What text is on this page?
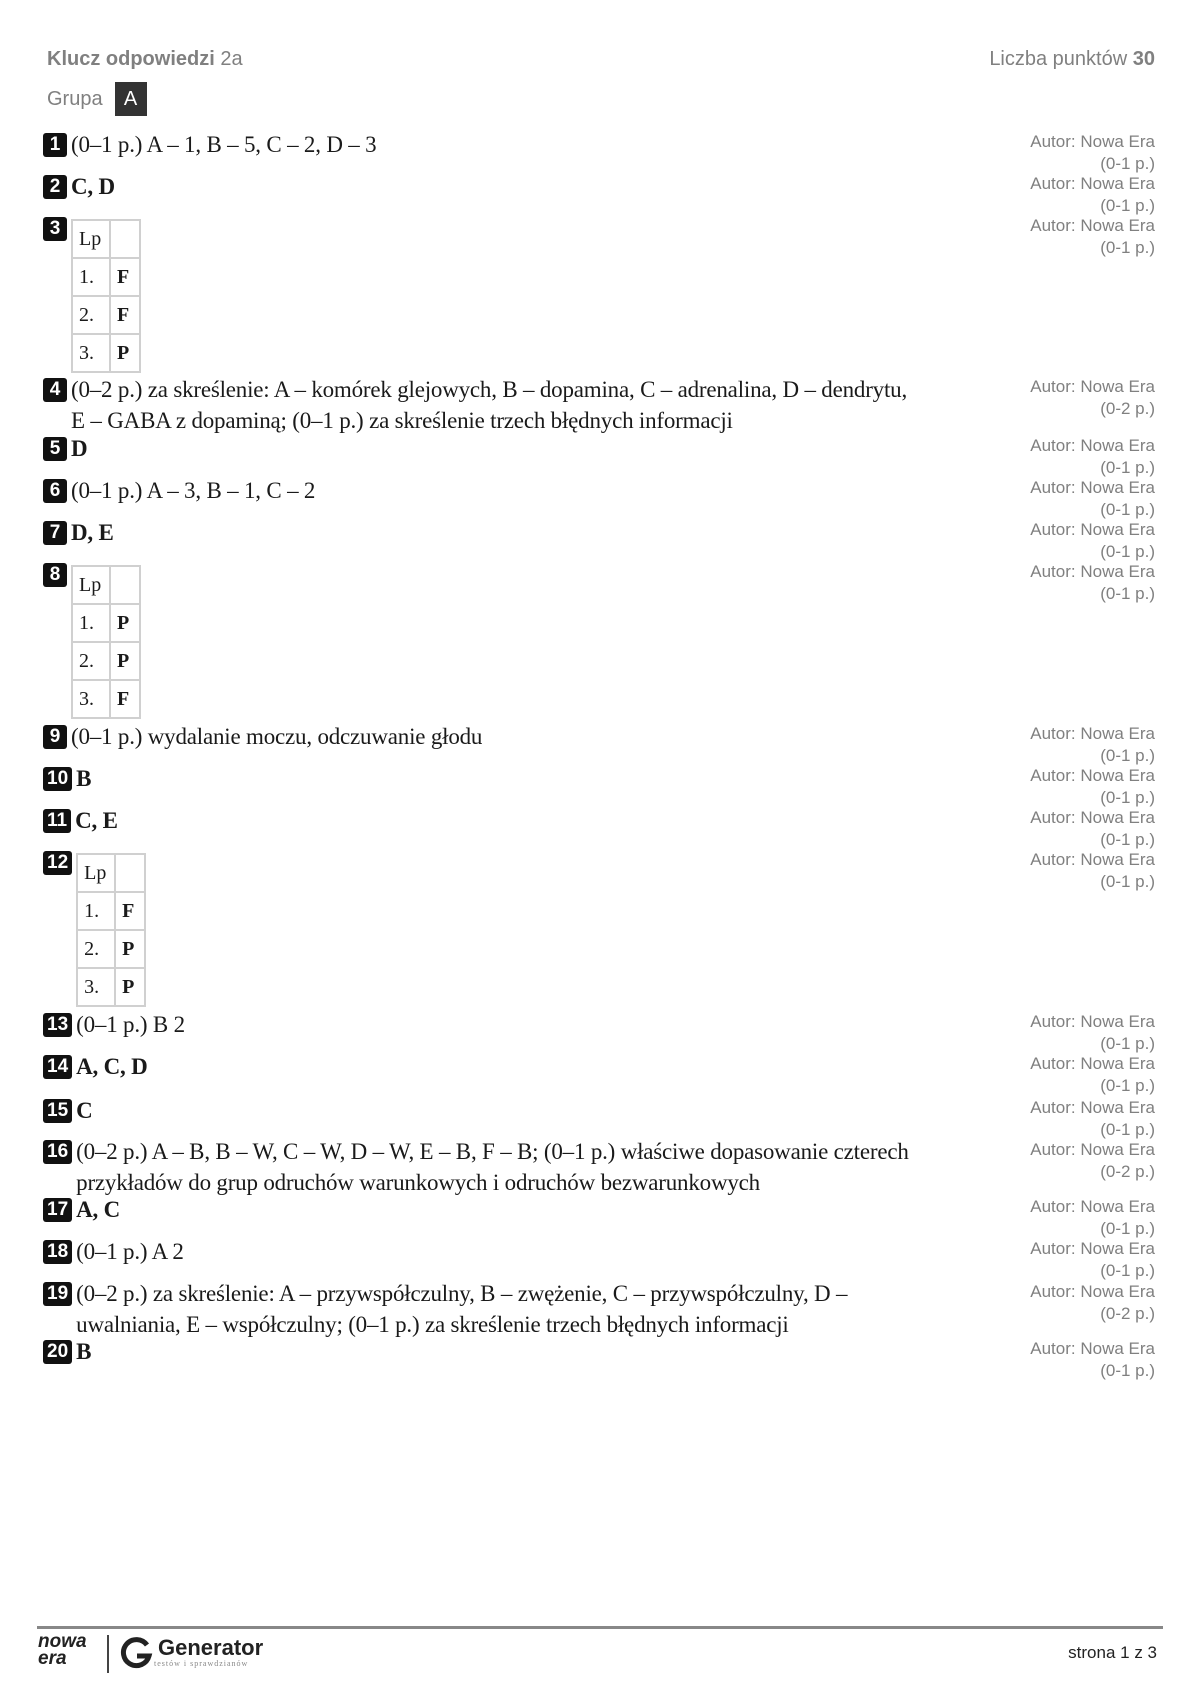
Klucz odpowiedzi 2a	Liczba punktów 30
Grupa	A
1 (0–1 p.) A – 1, B – 5, C – 2, D – 3	Autor: Nowa Era
(0-1 p.)
2 C, D	Autor: Nowa Era
(0-1 p.)
3 Lp	
1.	F
2.	F
3.	P
Autor: Nowa Era
(0-1 p.)
4 (0–2 p.) za skreślenie: A – komórek glejowych, B – dopamina, C – adrenalina, D – dendrytu, E – GABA z dopaminą; (0–1 p.) za skreślenie trzech błędnych informacji
Autor: Nowa Era
(0-2 p.)
5 D	Autor: Nowa Era
(0-1 p.)
6 (0–1 p.) A – 3, B – 1, C – 2	Autor: Nowa Era
(0-1 p.)
7 D, E	Autor: Nowa Era
(0-1 p.)
8 Lp	
1.	P
2.	P
3.	F
Autor: Nowa Era
(0-1 p.)
9 (0–1 p.) wydalanie moczu, odczuwanie głodu	Autor: Nowa Era
(0-1 p.)
10 B	Autor: Nowa Era
(0-1 p.)
11 C, E	Autor: Nowa Era
(0-1 p.)
12 Lp	
1.	F
2.	P
3.	P
Autor: Nowa Era
(0-1 p.)
13 (0–1 p.) B 2	Autor: Nowa Era
(0-1 p.)
14 A, C, D	Autor: Nowa Era
(0-1 p.)
15 C	Autor: Nowa Era
(0-1 p.)
16 (0–2 p.) A – B, B – W, C – W, D – W, E – B, F – B; (0–1 p.) właściwe dopasowanie czterech przykładów do grup odruchów warunkowych i odruchów bezwarunkowych
Autor: Nowa Era
(0-2 p.)
17 A, C	Autor: Nowa Era
(0-1 p.)
18 (0–1 p.) A 2	Autor: Nowa Era
(0-1 p.)
19 (0–2 p.) za skreślenie: A – przywspółczulny, B – zwężenie, C – przywspółczulny, D – uwalniania, E – współczulny; (0–1 p.) za skreślenie trzech błędnych informacji
Autor: Nowa Era
(0-2 p.)
20 B	Autor: Nowa Era
(0-1 p.)
nowa
era	Generator
testów i sprawdzianów
strona 1 z 3
